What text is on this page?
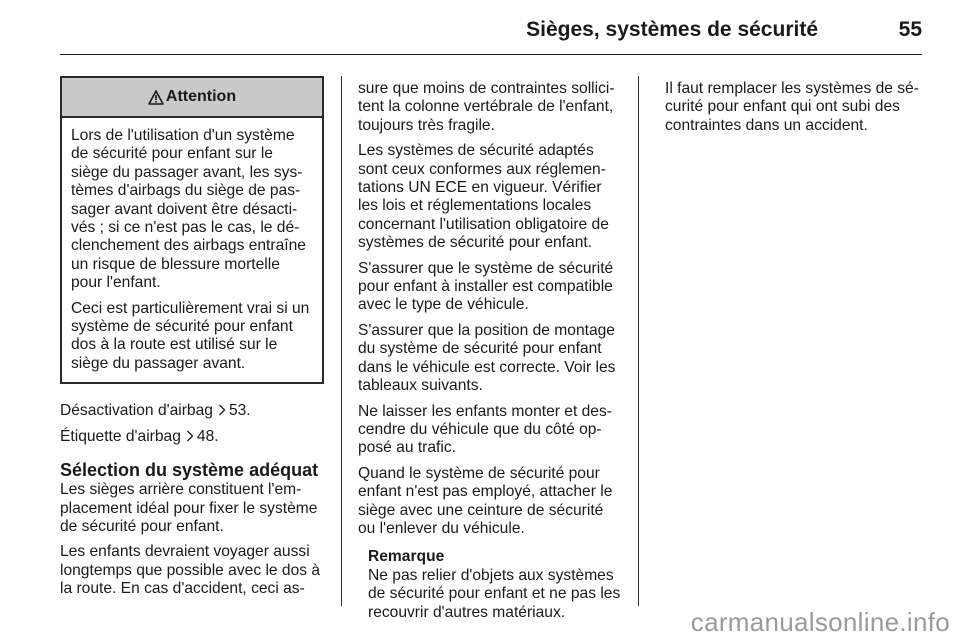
Sièges, systèmes de sécurité	55
Attention

Lors de l'utilisation d'un système de sécurité pour enfant sur le siège du passager avant, les sys-tèmes d'airbags du siège de pas-sager avant doivent être désacti-vés ; si ce n'est pas le cas, le dé-clenchement des airbags entraîne un risque de blessure mortelle pour l'enfant.

Ceci est particulièrement vrai si un système de sécurité pour enfant dos à la route est utilisé sur le siège du passager avant.

Désactivation d'airbag 53.

Étiquette d'airbag 48.

Sélection du système adéquat

Les sièges arrière constituent l'em-placement idéal pour fixer le système de sécurité pour enfant.

Les enfants devraient voyager aussi longtemps que possible avec le dos à la route. En cas d'accident, ceci as-

sure que moins de contraintes sollici-tent la colonne vertébrale de l'enfant, toujours très fragile.

Les systèmes de sécurité adaptés sont ceux conformes aux réglemen-tations UN ECE en vigueur. Vérifier les lois et réglementations locales concernant l'utilisation obligatoire de systèmes de sécurité pour enfant.

S'assurer que le système de sécurité pour enfant à installer est compatible avec le type de véhicule.

S'assurer que la position de montage du système de sécurité pour enfant dans le véhicule est correcte. Voir les tableaux suivants.

Ne laisser les enfants monter et des-cendre du véhicule que du côté op-posé au trafic.

Quand le système de sécurité pour enfant n'est pas employé, attacher le siège avec une ceinture de sécurité ou l'enlever du véhicule.

Remarque
Ne pas relier d'objets aux systèmes de sécurité pour enfant et ne pas les recouvrir d'autres matériaux.

Il faut remplacer les systèmes de sé-curité pour enfant qui ont subi des contraintes dans un accident.

carmanualsonline.info
